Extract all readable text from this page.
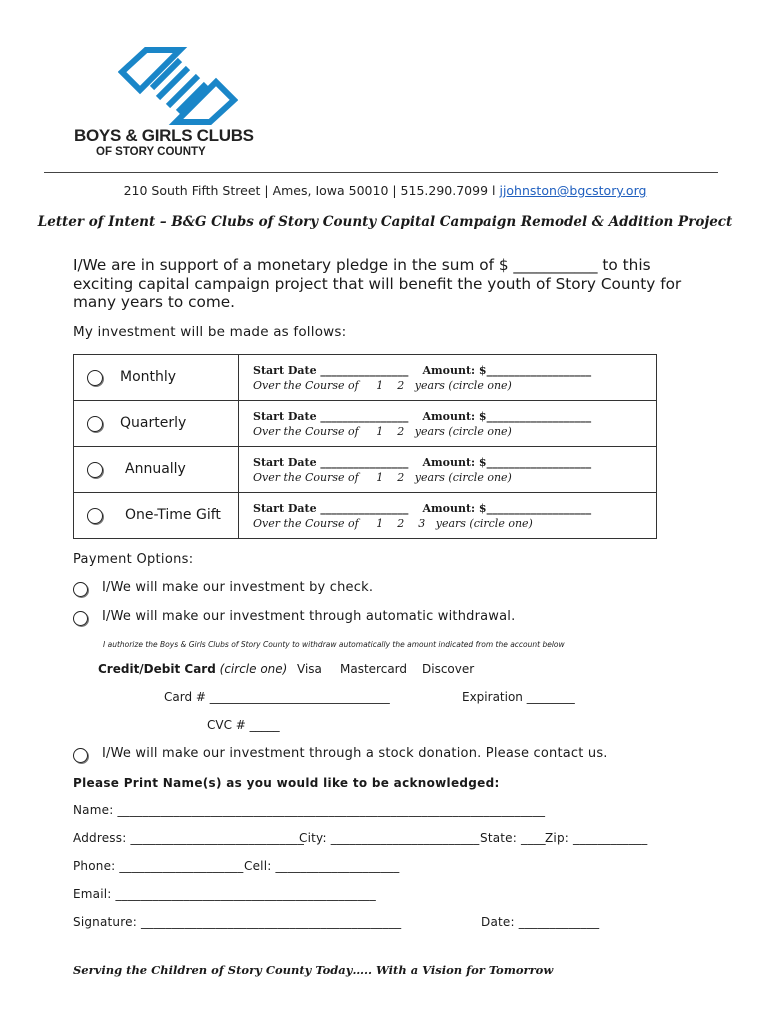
BOYS & GIRLS CLUBS
OF STORY COUNTY
210 South Fifth Street | Ames, Iowa 50010 | 515.290.7099 l jjohnston@bgcstory.org
Letter of Intent – B&G Clubs of Story County Capital Campaign Remodel & Addition Project
I/We are in support of a monetary pledge in the sum of $ ___________ to this exciting capital campaign project that will benefit the youth of Story County for many years to come.
My investment will be made as follows:
Monthly	Start Date ________________ Amount: $___________________
Over the Course of 1 2 years (circle one)

Quarterly	Start Date ________________ Amount: $___________________
Over the Course of 1 2 years (circle one)

Annually	Start Date ________________ Amount: $___________________
Over the Course of 1 2 years (circle one)

One-Time Gift	Start Date ________________ Amount: $___________________
Over the Course of 1 2 3 years (circle one)
Payment Options:
I/We will make our investment by check.
I/We will make our investment through automatic withdrawal.
I authorize the Boys & Girls Clubs of Story County to withdraw automatically the amount indicated from the account below
Credit/Debit Card (circle one) Visa Mastercard Discover
Card # ______________________________	Expiration ________
CVC # _____
I/We will make our investment through a stock donation. Please contact us.
Please Print Name(s) as you would like to be acknowledged:
Name: _____________________________________________________________________
Address: ____________________________
City: ________________________ State: ____ Zip: ____________
Phone: ____________________ Cell: ____________________
Email: __________________________________________
Signature: __________________________________________	Date: _____________
Serving the Children of Story County Today….. With a Vision for Tomorrow
